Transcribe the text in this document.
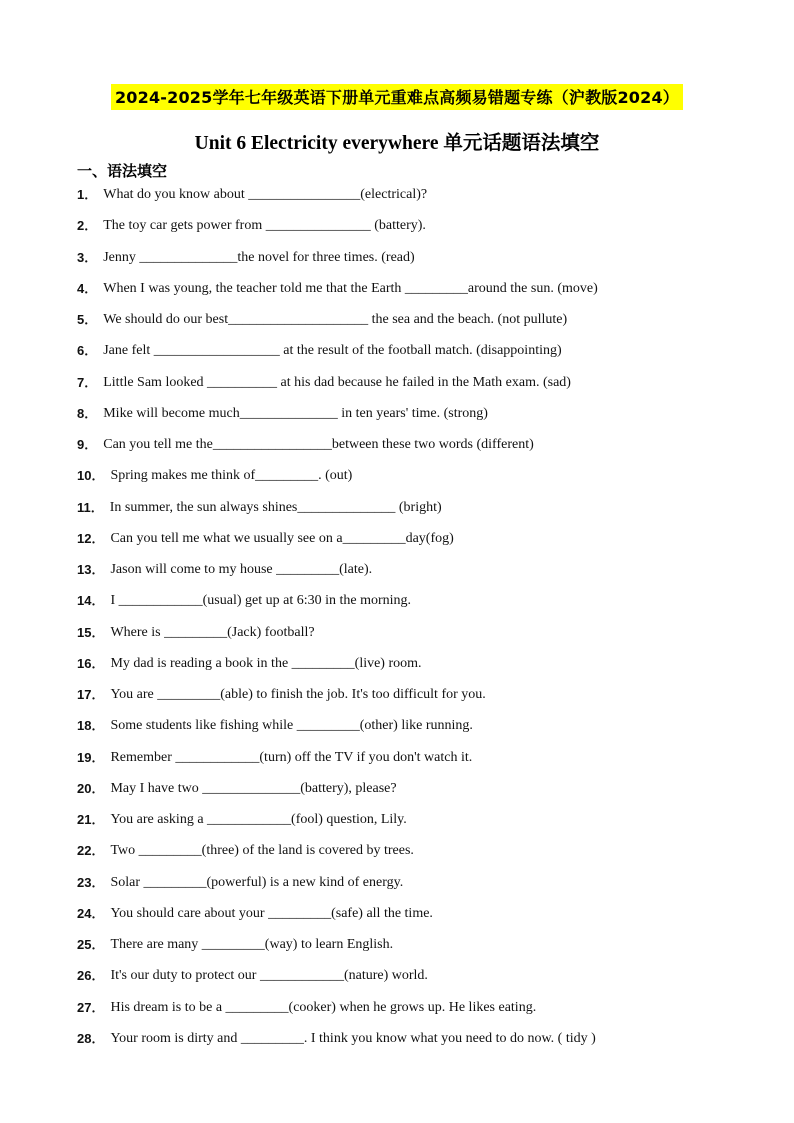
2024-2025学年七年级英语下册单元重难点高频易错题专练（沪教版2024）
Unit 6 Electricity everywhere 单元话题语法填空
一、语法填空
1． What do you know about ________________(electrical)?
2． The toy car gets power from _______________ (battery).
3． Jenny ______________the novel for three times. (read)
4． When I was young, the teacher told me that the Earth _________around the sun. (move)
5． We should do our best____________________ the sea and the beach. (not pullute)
6． Jane felt __________________ at the result of the football match. (disappointing)
7． Little Sam looked __________ at his dad because he failed in the Math exam. (sad)
8． Mike will become much______________ in ten years' time. (strong)
9． Can you tell me the_________________between these two words (different)
10． Spring makes me think of_________. (out)
11． In summer, the sun always shines______________ (bright)
12． Can you tell me what we usually see on a_________day(fog)
13． Jason will come to my house _________(late).
14． I ____________(usual) get up at 6:30 in the morning.
15． Where is _________(Jack) football?
16． My dad is reading a book in the _________(live) room.
17． You are _________(able) to finish the job. It's too difficult for you.
18． Some students like fishing while _________(other) like running.
19． Remember ____________(turn) off the TV if you don't watch it.
20． May I have two ______________(battery), please?
21． You are asking a ____________(fool) question, Lily.
22． Two _________(three) of the land is covered by trees.
23． Solar _________(powerful) is a new kind of energy.
24． You should care about your _________(safe) all the time.
25． There are many _________(way) to learn English.
26． It's our duty to protect our ____________(nature) world.
27． His dream is to be a _________(cooker) when he grows up. He likes eating.
28． Your room is dirty and _________. I think you know what you need to do now. ( tidy )
